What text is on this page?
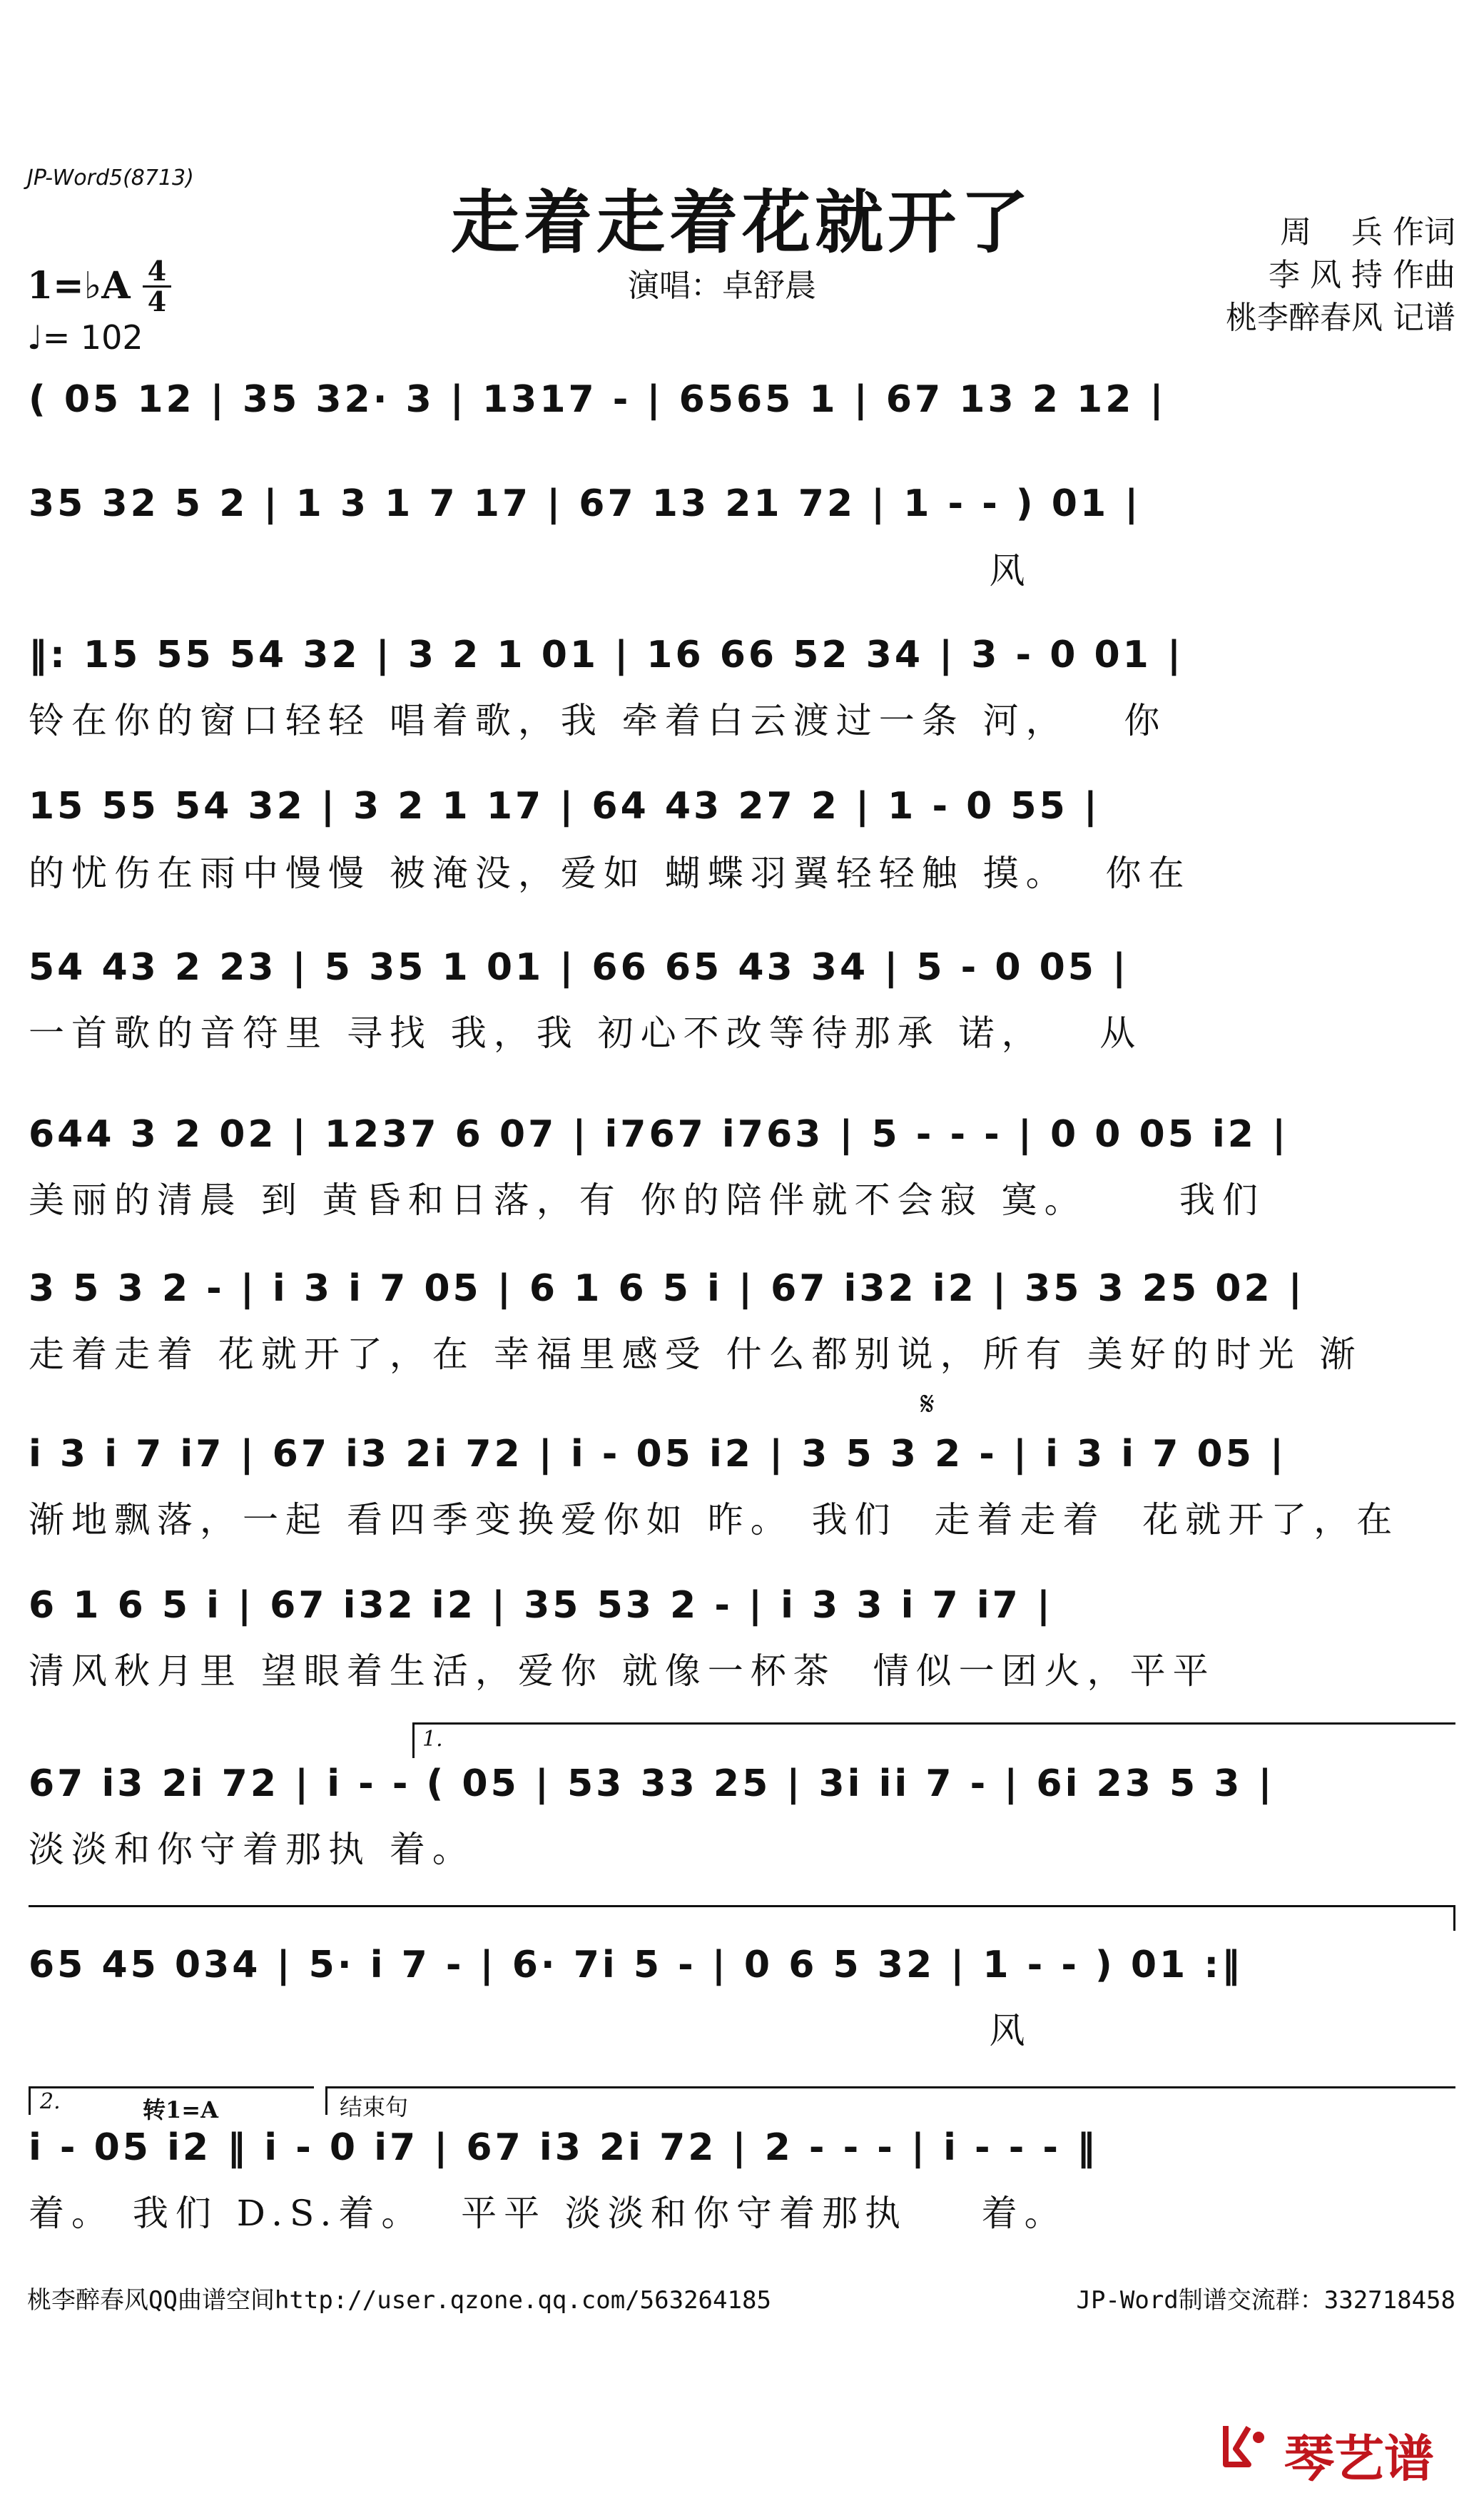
JP-Word5(8713)
走着走着花就开了
演唱：卓舒晨
周    兵 作词
李 风 持 作曲
桃李醉春风 记谱
1=♭A 4
4
♩= 102
( 05 12 | 35 32· 3 | 1317 - | 6565 1 | 67 13 2 12 |
35 32 5 2 | 1 3 1 7 17 | 67 13 21 72 | 1 - - ) 01 |
风
‖: 15 55 54 32 | 3 2 1 01 | 16 66 52 34 | 3 - 0 01 |
铃在你的窗口轻轻 唱着歌，我 牵着白云渡过一条 河，   你
15 55 54 32 | 3 2 1 17 | 64 43 27 2 | 1 - 0 55 |
的忧伤在雨中慢慢 被淹没，爱如 蝴蝶羽翼轻轻触 摸。  你在
54 43 2 23 | 5 35 1 01 | 66 65 43 34 | 5 - 0 05 |
一首歌的音符里 寻找 我，我 初心不改等待那承 诺，   从
644 3 2 02 | 1237 6 07 | i767 i763 | 5 - - - | 0 0 05 i2 |
美丽的清晨 到 黄昏和日落，有 你的陪伴就不会寂 寞。     我们
3 5 3 2 - | i 3 i 7 05 | 6 1 6 5 i | 67 i32 i2 | 35 3 25 02 |
走着走着 花就开了，在 幸福里感受 什么都别说，所有 美好的时光 渐
𝄋
i 3 i 7 i7 | 67 i3 2i 72 | i - 05 i2 | 3 5 3 2 - | i 3 i 7 05 |
渐地飘落，一起 看四季变换爱你如 昨。 我们  走着走着  花就开了，在
6 1 6 5 i | 67 i32 i2 | 35 53 2 - | i 3 3 i 7 i7 |
清风秋月里 望眼着生活，爱你 就像一杯茶  情似一团火，平平
1.
67 i3 2i 72 | i - - ( 05 | 53 33 25 | 3i ii 7 - | 6i 23 5 3 |
淡淡和你守着那执 着。
65 45 034 | 5· i 7 - | 6· 7i 5 - | 0 6 5 32 | 1 - - ) 01 :‖
风
2.	转1=A	结束句
i - 05 i2 ‖ i - 0 i7 | 67 i3 2i 72 | 2 - - - | i - - - ‖
着。 我们 D.S.着。  平平 淡淡和你守着那执    着。
桃李醉春风QQ曲谱空间http://user.qzone.qq.com/563264185	JP-Word制谱交流群：332718458
琴艺谱
